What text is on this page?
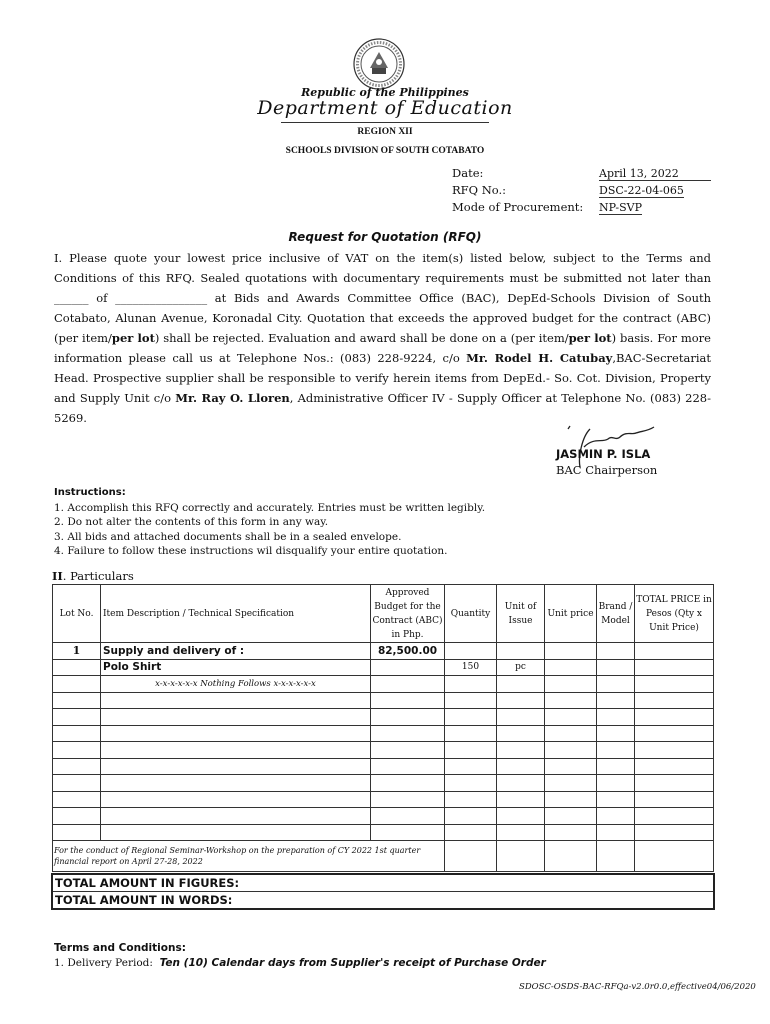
Republic of the Philippines
Department of Education
REGION XII
SCHOOLS DIVISION OF SOUTH COTABATO
Date:	April 13, 2022
RFQ No.:	DSC-22-04-065
Mode of Procurement: NP-SVP
Request for Quotation (RFQ)
I. Please quote your lowest price inclusive of VAT on the item(s) listed below, subject to the Terms and Conditions of this RFQ. Sealed quotations with documentary requirements must be submitted not later than ______ of ________________ at Bids and Awards Committee Office (BAC), DepEd-Schools Division of South Cotabato, Alunan Avenue, Koronadal City. Quotation that exceeds the approved budget for the contract (ABC) (per item/per lot) shall be rejected. Evaluation and award shall be done on a (per item/per lot) basis. For more information please call us at Telephone Nos.: (083) 228-9224, c/o Mr. Rodel H. Catubay,BAC-Secretariat Head. Prospective supplier shall be responsible to verify herein items from DepEd.- So. Cot. Division, Property and Supply Unit c/o Mr. Ray O. Lloren, Administrative Officer IV - Supply Officer at Telephone No. (083) 228-5269.
JASMIN P. ISLA
BAC Chairperson
Instructions:
1. Accomplish this RFQ correctly and accurately. Entries must be written legibly.
2. Do not alter the contents of this form in any way.
3. All bids and attached documents shall be in a sealed envelope.
4. Failure to follow these instructions wil disqualify your entire quotation.
II. Particulars
Lot No.	Item Description / Technical Specification	Approved Budget for the Contract (ABC) in Php.	Quantity	Unit of Issue	Unit price	Brand / Model	TOTAL PRICE in Pesos (Qty x Unit Price)
1	Supply and delivery of :	82,500.00					
	Polo Shirt		150	pc			
	x-x-x-x-x-x Nothing Follows x-x-x-x-x-x						

For the conduct of Regional Seminar-Workshop on the preparation of CY 2022 1st quarter financial report on April 27-28, 2022							
TOTAL AMOUNT IN FIGURES:
TOTAL AMOUNT IN WORDS:
Terms and Conditions:
1. Delivery Period: Ten (10) Calendar days from Supplier's receipt of Purchase Order
SDOSC-OSDS-BAC-RFQa-v2.0r0.0,effective04/06/2020
